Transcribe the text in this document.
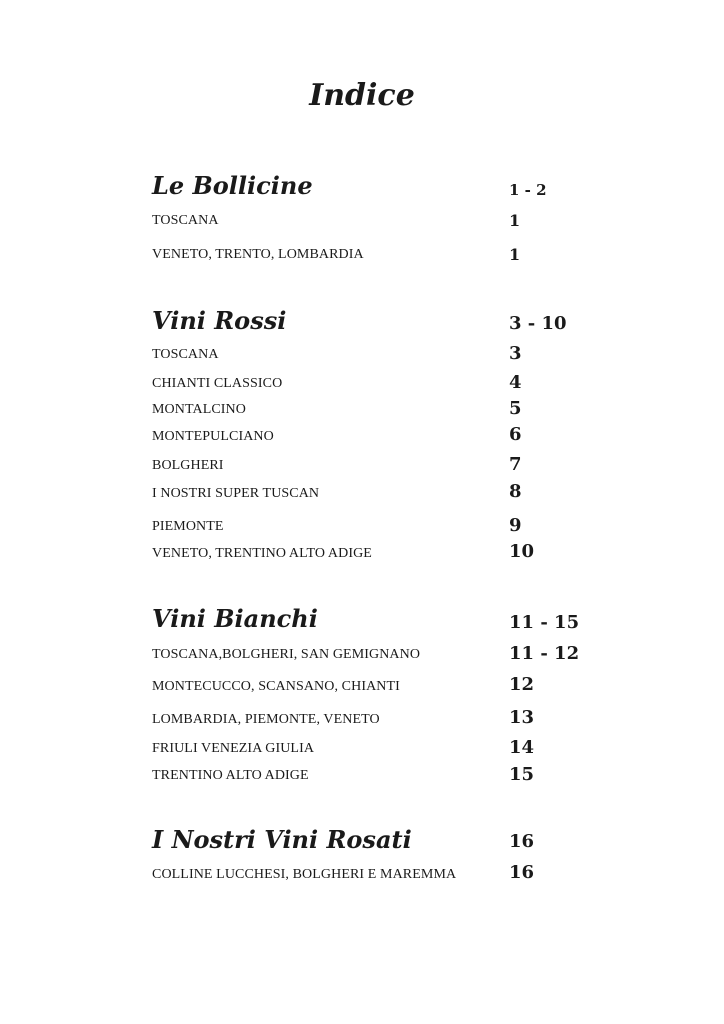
Indice
Le Bollicine	1 - 2
TOSCANA	1
VENETO, TRENTO, LOMBARDIA	1
Vini Rossi	3 - 10
TOSCANA	3
CHIANTI CLASSICO	4
MONTALCINO	5
MONTEPULCIANO	6
BOLGHERI	7
I NOSTRI SUPER TUSCAN	8
PIEMONTE	9
VENETO, TRENTINO ALTO ADIGE	10
Vini Bianchi	11 - 15
TOSCANA,BOLGHERI, SAN GEMIGNANO	11 - 12
MONTECUCCO, SCANSANO, CHIANTI	12
LOMBARDIA, PIEMONTE, VENETO	13
FRIULI VENEZIA GIULIA	14
TRENTINO ALTO ADIGE	15
I Nostri Vini Rosati	16
COLLINE LUCCHESI, BOLGHERI E MAREMMA	16
